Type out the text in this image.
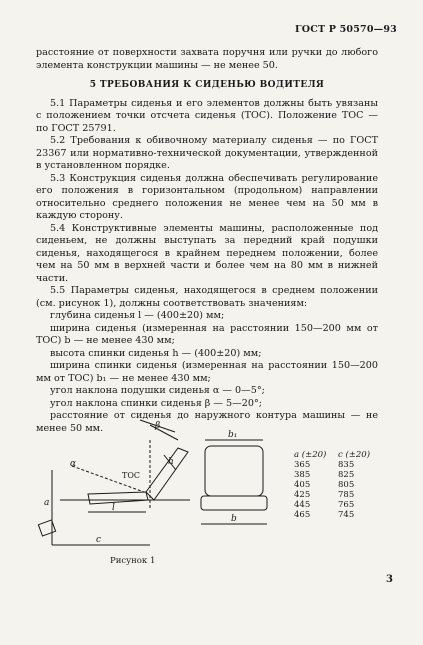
ГОСТ Р 50570—93

расстояние от поверхности захвата поручня или ручки до любого элемента конструкции машины — не менее 50.

5 ТРЕБОВАНИЯ К СИДЕНЬЮ ВОДИТЕЛЯ

5.1 Параметры сиденья и его элементов должны быть увязаны с положением точки отсчета сиденья (ТОС). Положение ТОС — по ГОСТ 25791.

5.2 Требования к обивочному материалу сиденья — по ГОСТ 23367 или нормативно-технической документации, утвержденной в установленном порядке.

5.3 Конструкция сиденья должна обеспечивать регулирование его положения в горизонтальном (продольном) направлении относительно среднего положения не менее чем на 50 мм в каждую сторону.

5.4 Конструктивные элементы машины, расположенные под сиденьем, не должны выступать за передний край подушки сиденья, находящегося в крайнем переднем положении, более чем на 50 мм в верхней части и более чем на 80 мм в нижней части.

5.5 Параметры сиденья, находящегося в среднем положении (см. рисунок 1), должны соответствовать значениям:

глубина сиденья l — (400±20) мм;

ширина сиденья (измеренная на расстоянии 150—200 мм от ТОС) b — не менее 430 мм;

высота спинки сиденья h — (400±20) мм;

ширина спинки сиденья (измеренная на расстоянии 150—200 мм от ТОС) b₁ — не менее 430 мм;

угол наклона подушки сиденья α — 0—5°;

угол наклона спинки сиденья β — 5—20°;

расстояние от сиденья до наружного контура машины — не менее 50 мм.	β
α
ТОС
h
l
c
a
b₁
b
Рисунок 1
a (±20)	c (±20)
365	835
385	825
405	805
425	785
445	765
465	745
3
